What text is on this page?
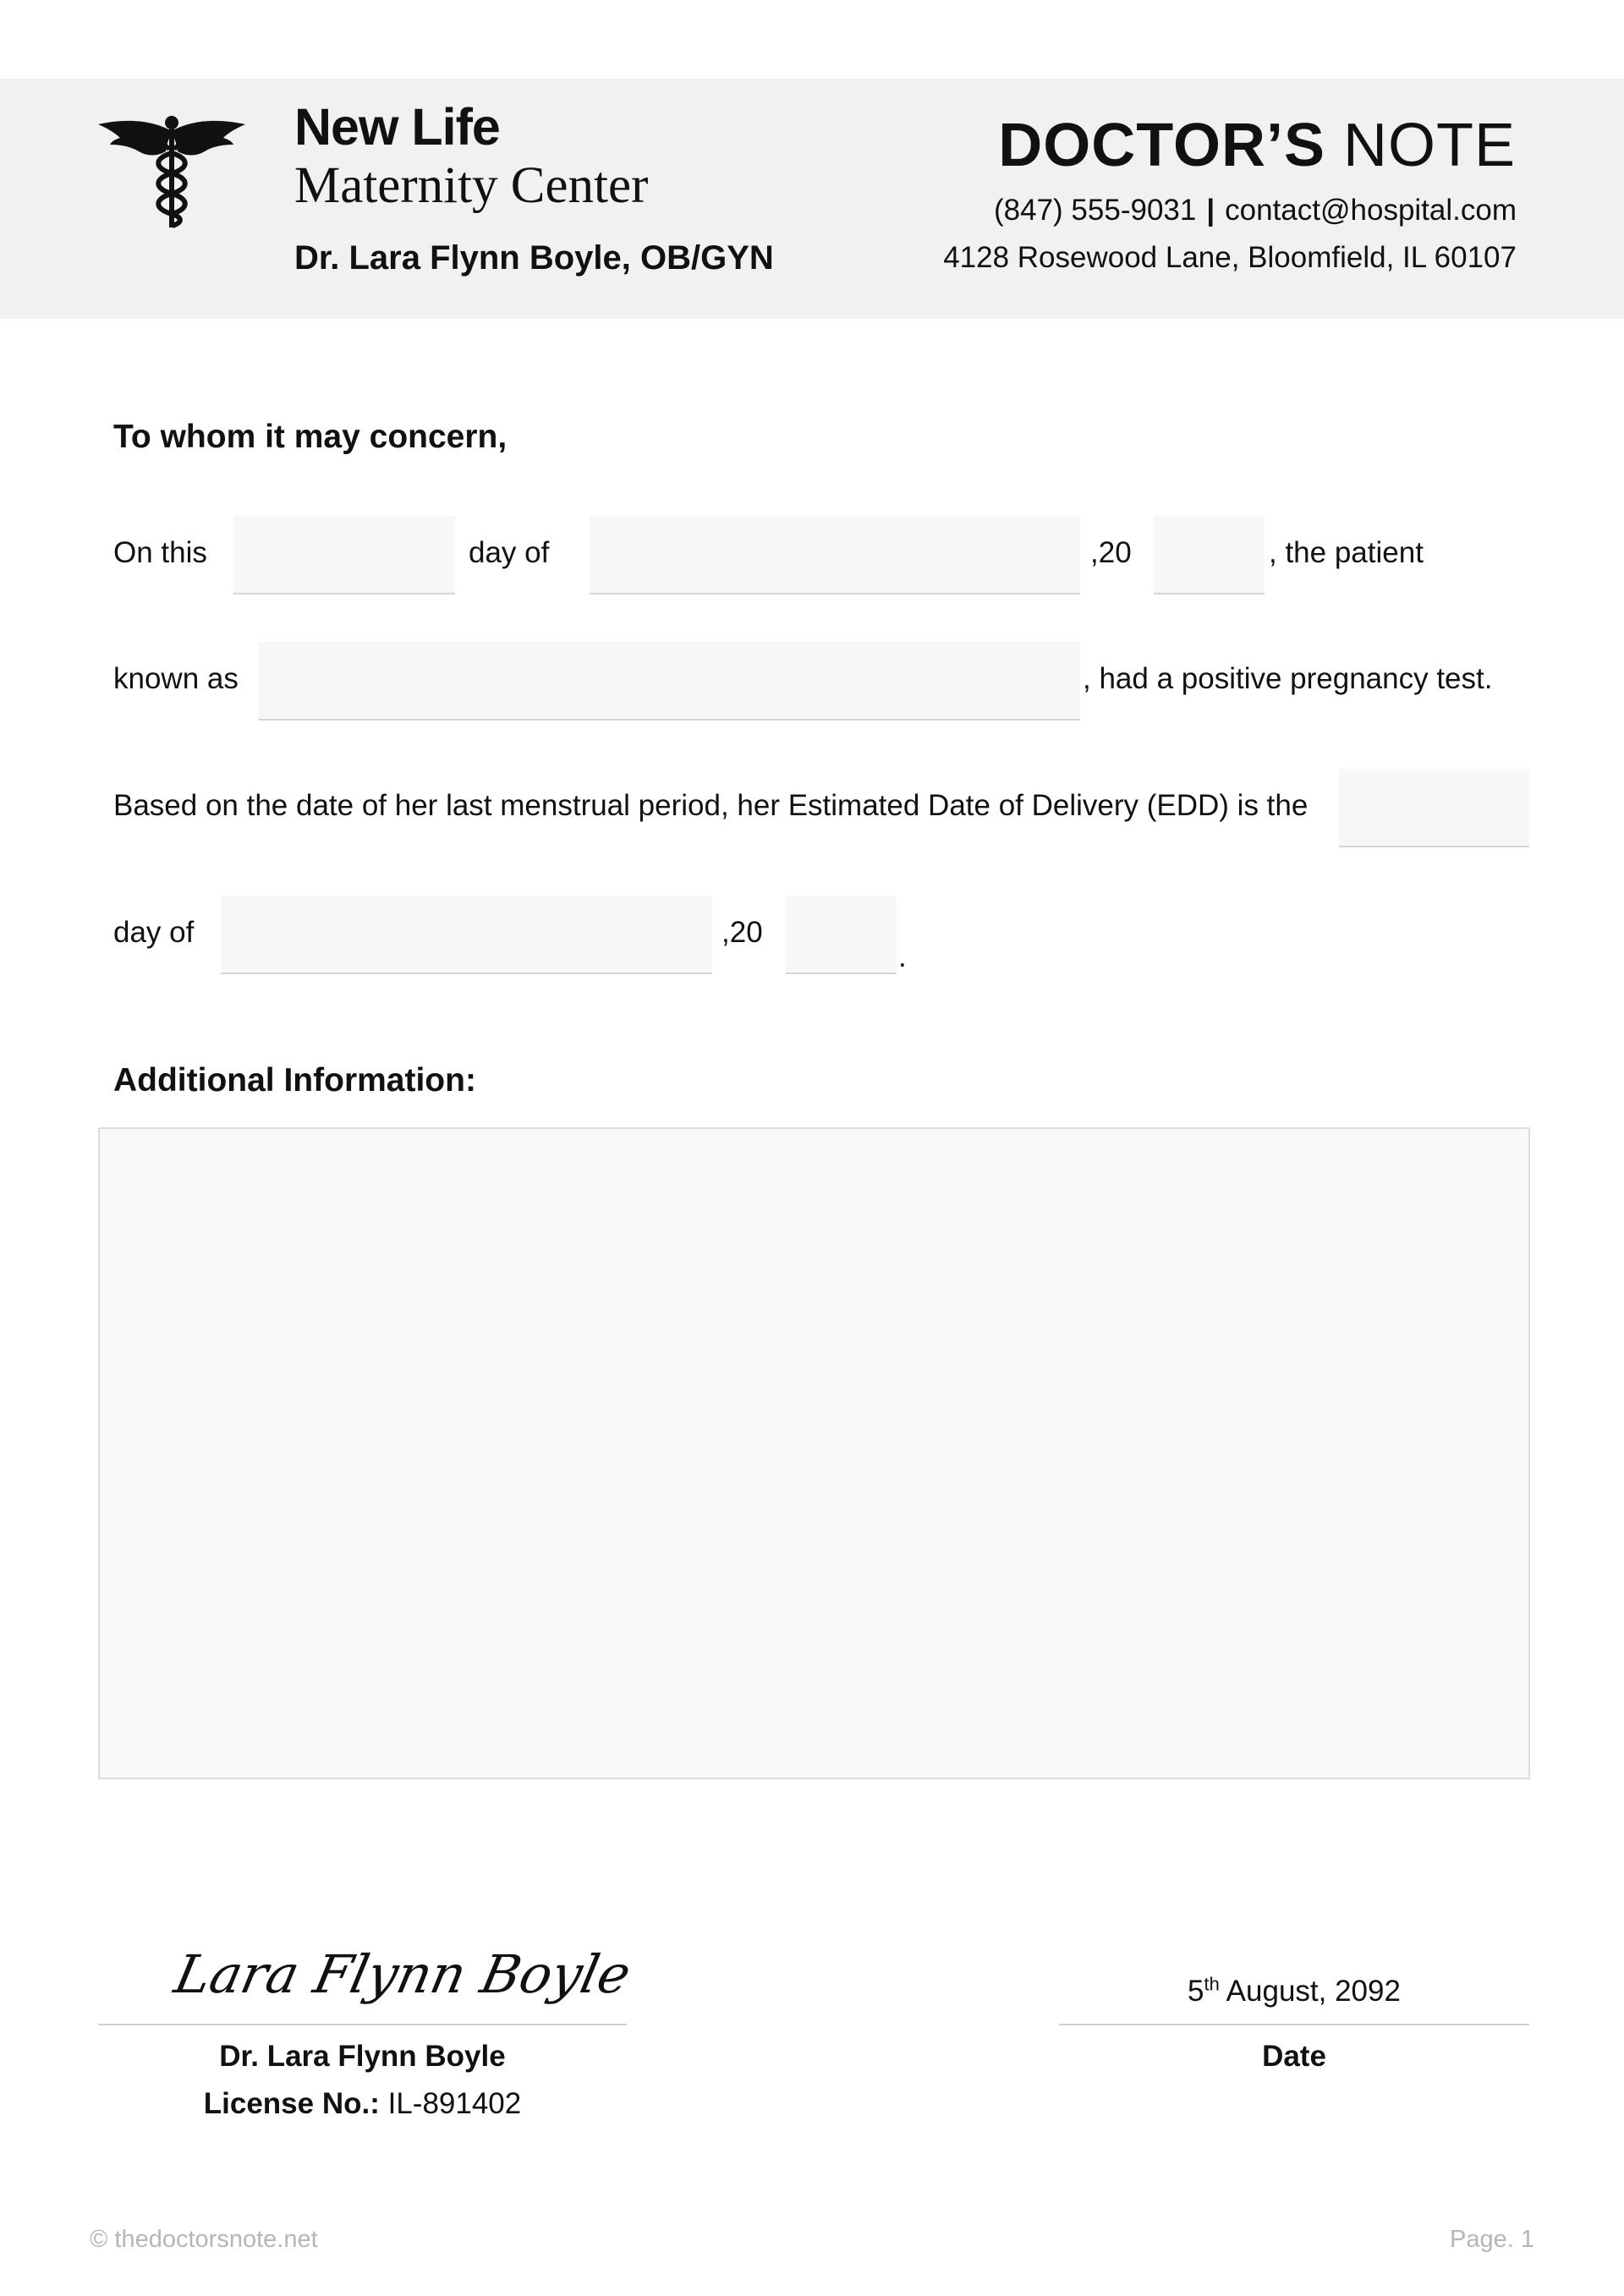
New Life
Maternity Center
Dr. Lara Flynn Boyle, OB/GYN
DOCTOR’S NOTE
(847) 555-9031 | contact@hospital.com
4128 Rosewood Lane, Bloomfield, IL 60107
To whom it may concern,
On this	day of	,20	, the patient
known as	, had a positive pregnancy test.
Based on the date of her last menstrual period, her Estimated Date of Delivery (EDD) is the
day of	,20
.
Additional Information:
Lara Flynn Boyle
Dr. Lara Flynn Boyle
License No.: IL-891402
5th August, 2092
Date
© thedoctorsnote.net	Page. 1
